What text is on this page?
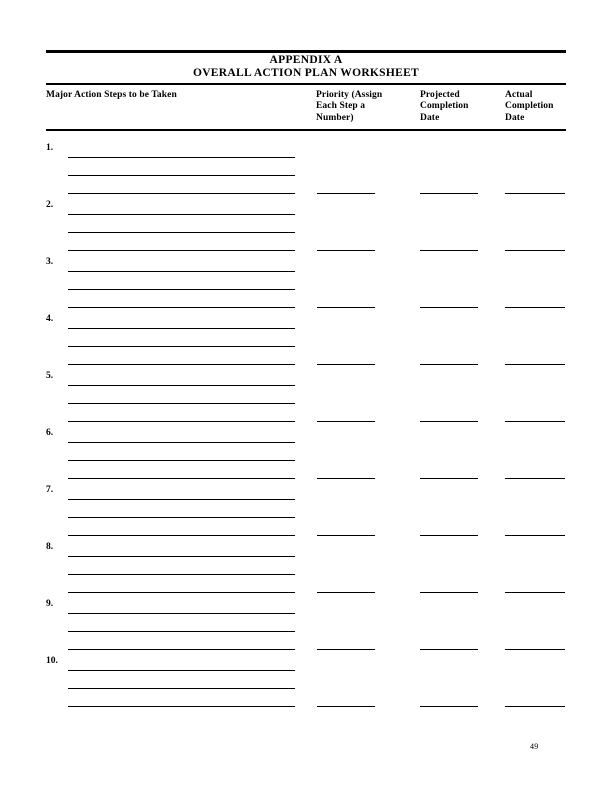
APPENDIX A
OVERALL ACTION PLAN WORKSHEET
Major Action Steps to be Taken	Priority (Assign
Each Step a
Number)
Projected
Completion
Date
Actual
Completion
Date
1.
2.
3.
4.
5.
6.
7.
8.
9.
10.
49
